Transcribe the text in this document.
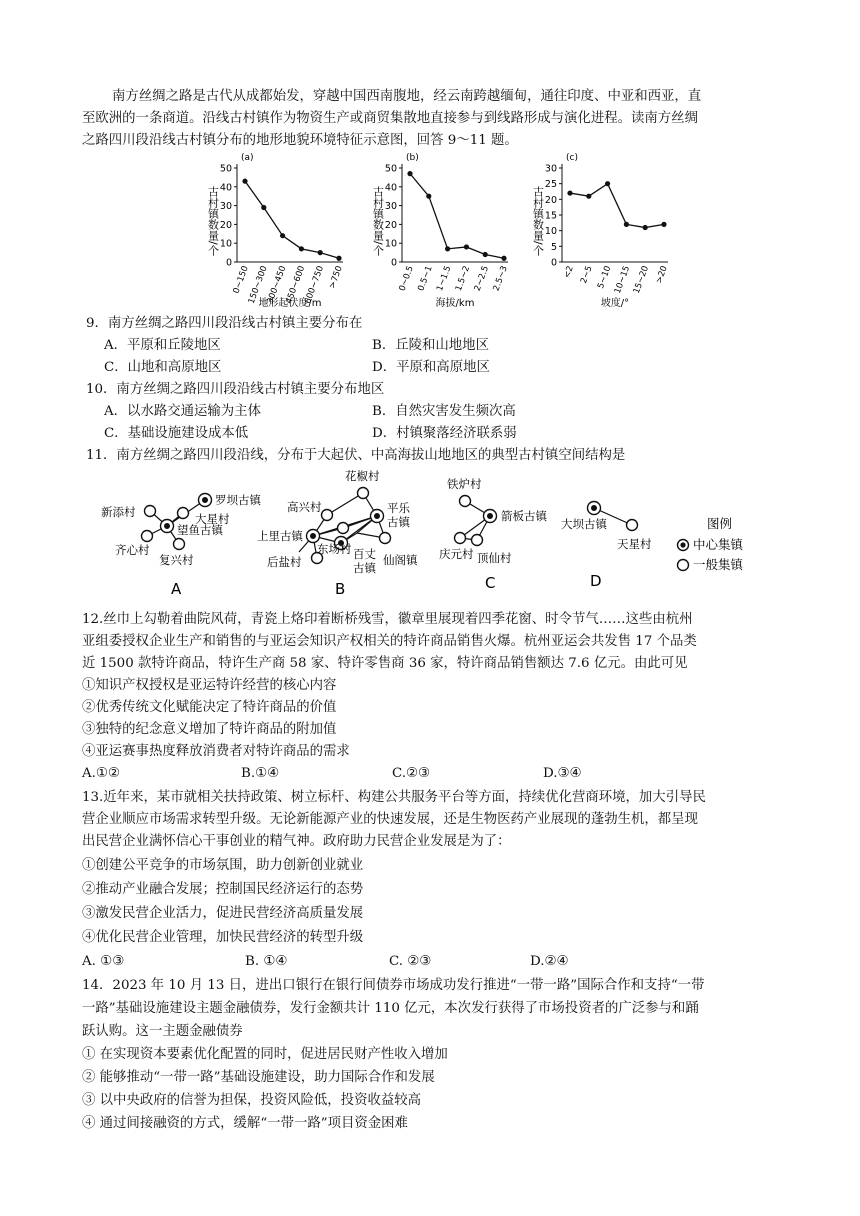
南方丝绸之路是古代从成都始发，穿越中国西南腹地，经云南跨越缅甸，通往印度、中亚和西亚，直
至欧洲的一条商道。沿线古村镇作为物资生产或商贸集散地直接参与到线路形成与演化进程。读南方丝绸
之路四川段沿线古村镇分布的地形地貌环境特征示意图，回答 9～11 题。
(a)
0
10
20
30
40
50
古村镇数量/个
0~150
150~300
300~450
450~600
600~750 >750
地形起伏度/m
(b)
0
10
20
30
40
50
古村镇数量/个
0~0.5 0.5~1 1~1.5 1.5~2 2~2.5 2.5~3
海拔/km
(c)
0
5
10
15
20
25
30
古村镇数量/个
<2 2~5 5~10 10~15 15~20 >20
坡度/°
9．南方丝绸之路四川段沿线古村镇主要分布在
A．平原和丘陵地区	B．丘陵和山地地区
C．山地和高原地区	D．平原和高原地区
10．南方丝绸之路四川段沿线古村镇主要分布地区
A．以水路交通运输为主体	B．自然灾害发生频次高
C．基础设施建设成本低	D．村镇聚落经济联系弱
11．南方丝绸之路四川段沿线，分布于大起伏、中高海拔山地地区的典型古村镇空间结构是
罗坝古镇
新添村	大星村
望鱼古镇
齐心村
复兴村
A
花椒村
高兴村	平乐
古镇
上里古镇
东场村 百丈
古镇
后盐村	仙阁镇
B
铁炉村
箭板古镇
庆元村 顶仙村
C
大坝古镇
天星村
D
图例
中心集镇
一般集镇
12.丝巾上勾勒着曲院风荷，青瓷上烙印着断桥残雪，徽章里展现着四季花窗、时令节气……这些由杭州
亚组委授权企业生产和销售的与亚运会知识产权相关的特许商品销售火爆。杭州亚运会共发售 17 个品类
近 1500 款特许商品，特许生产商 58 家、特许零售商 36 家，特许商品销售额达 7.6 亿元。由此可见
①知识产权授权是亚运特许经营的核心内容
②优秀传统文化赋能决定了特许商品的价值
③独特的纪念意义增加了特许商品的附加值
④亚运赛事热度释放消费者对特许商品的需求
A.①②	B.①④	C.②③	D.③④
13.近年来，某市就相关扶持政策、树立标杆、构建公共服务平台等方面，持续优化营商环境，加大引导民
营企业顺应市场需求转型升级。无论新能源产业的快速发展，还是生物医药产业展现的蓬勃生机，都呈现
出民营企业满怀信心干事创业的精气神。政府助力民营企业发展是为了：
①创建公平竞争的市场氛围，助力创新创业就业
②推动产业融合发展；控制国民经济运行的态势
③激发民营企业活力，促进民营经济高质量发展
④优化民营企业管理，加快民营经济的转型升级
A. ①③	B. ①④	C. ②③	D.②④
14．2023 年 10 月 13 日，进出口银行在银行间债券市场成功发行推进“一带一路”国际合作和支持“一带
一路”基础设施建设主题金融债券，发行金额共计 110 亿元，本次发行获得了市场投资者的广泛参与和踊
跃认购。这一主题金融债券
① 在实现资本要素优化配置的同时，促进居民财产性收入增加
② 能够推动“一带一路”基础设施建设，助力国际合作和发展
③ 以中央政府的信誉为担保，投资风险低，投资收益较高
④ 通过间接融资的方式，缓解“一带一路”项目资金困难
